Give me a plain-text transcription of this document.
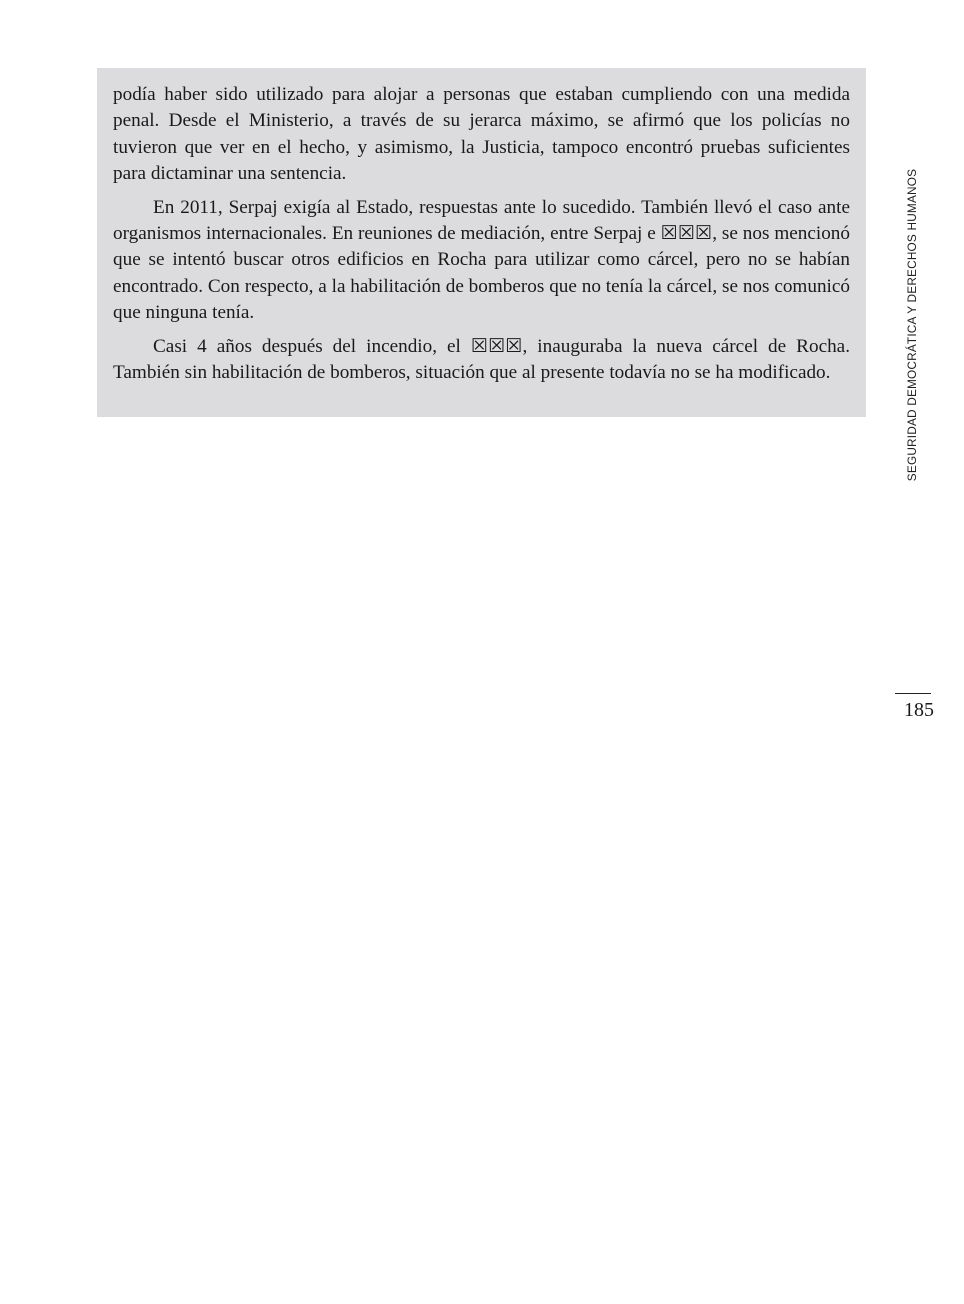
podía haber sido utilizado para alojar a personas que estaban cumpliendo con una medida penal. Desde el Ministerio, a través de su jerarca máximo, se afirmó que los policías no tuvieron que ver en el hecho, y asimismo, la Justicia, tampoco encontró pruebas suficientes para dictaminar una sentencia.

En 2011, Serpaj exigía al Estado, respuestas ante lo sucedido. También llevó el caso ante organismos internacionales. En reuniones de mediación, entre Serpaj e ☒☒☒, se nos mencionó que se intentó buscar otros edificios en Rocha para utilizar como cárcel, pero no se habían encontrado. Con respecto, a la habilitación de bomberos que no tenía la cárcel, se nos comunicó que ninguna tenía.

Casi 4 años después del incendio, el ☒☒☒, inauguraba la nueva cárcel de Rocha. También sin habilitación de bomberos, situación que al presente todavía no se ha modificado.	SEGURIDAD DEMOCRÁTICA Y DERECHOS HUMANOS
185
